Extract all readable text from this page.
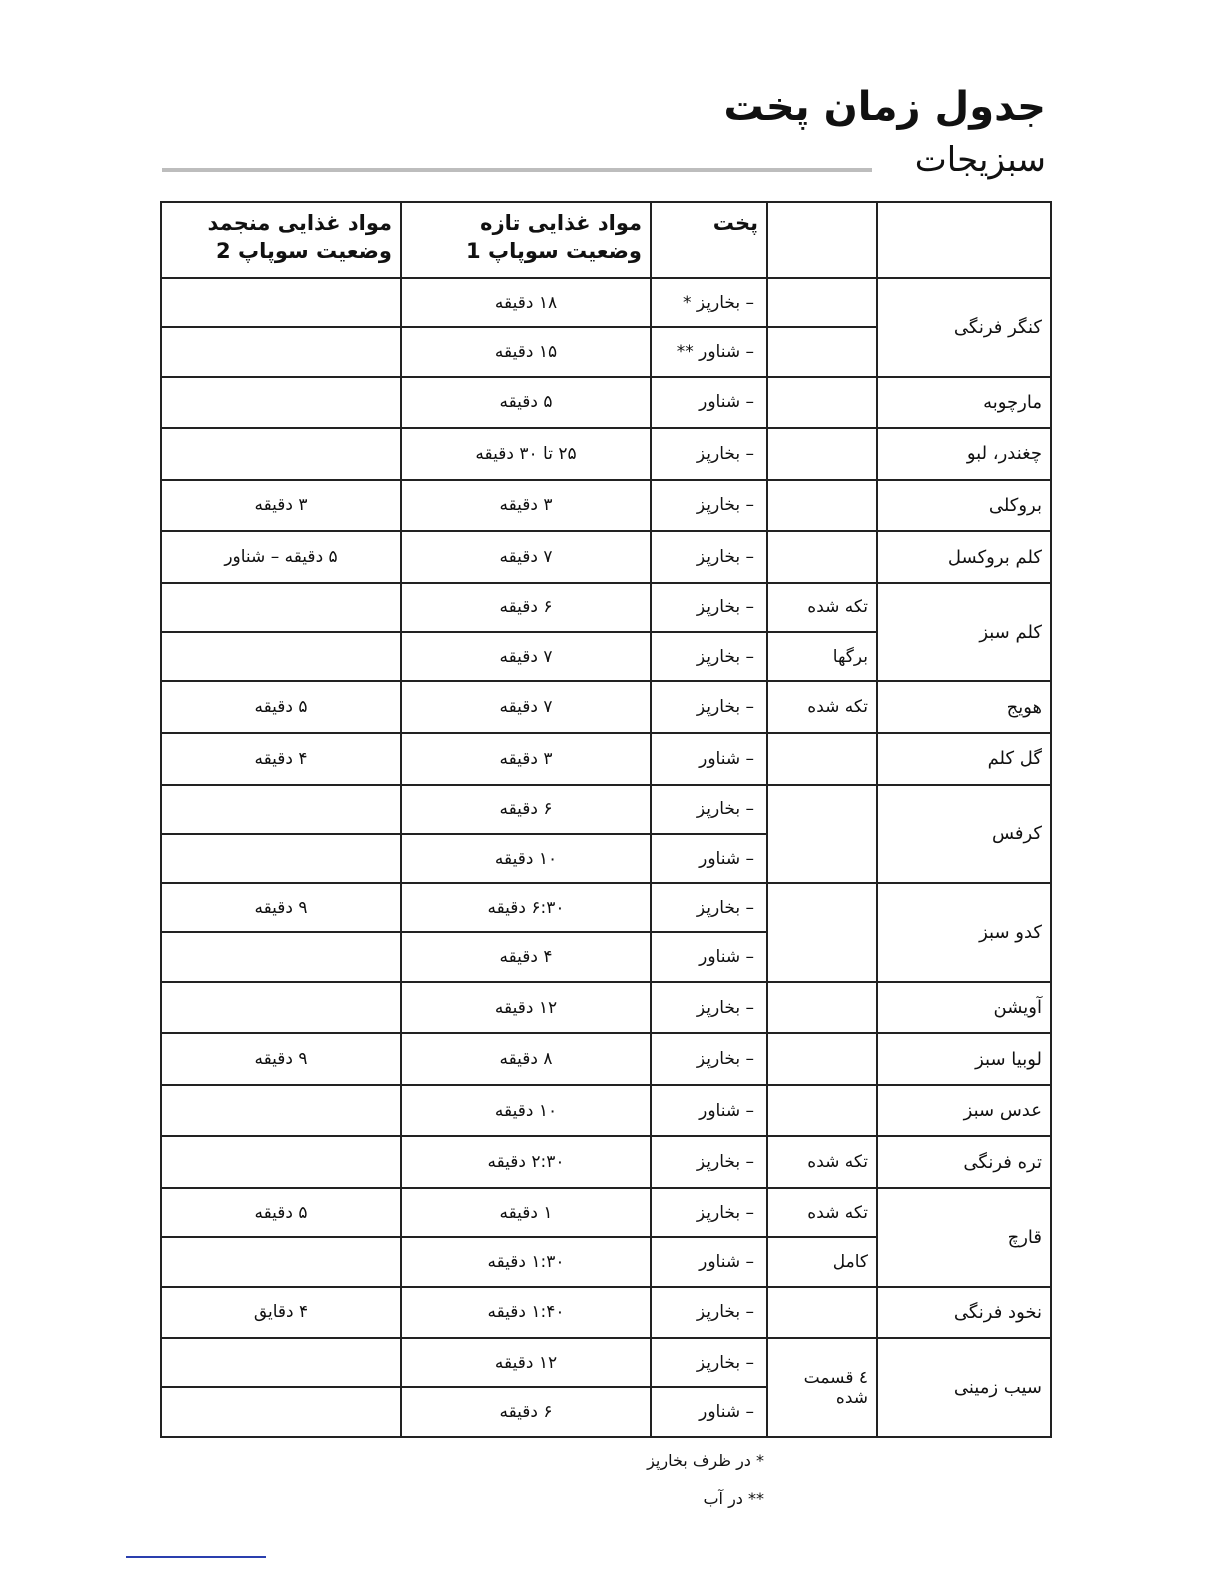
جدول زمان پخت
سبزیجات
		پخت	مواد غذایی تازه وضعیت سوپاپ 1	مواد غذایی منجمد وضعیت سوپاپ 2
کنگر فرنگی		– بخارپز *	۱۸ دقیقه	
		– شناور **	۱۵ دقیقه	
مارچوبه		– شناور	۵ دقیقه	
چغندر، لبو		– بخارپز	۲۵ تا ۳۰ دقیقه	
بروکلی		– بخارپز	۳ دقیقه	۳ دقیقه
کلم بروکسل		– بخارپز	۷ دقیقه	۵ دقیقه – شناور
کلم سبز	تکه شده	– بخارپز	۶ دقیقه	
	برگها	– بخارپز	۷ دقیقه	
هویج	تکه شده	– بخارپز	۷ دقیقه	۵ دقیقه
گل کلم		– شناور	۳ دقیقه	۴ دقیقه
کرفس		– بخارپز	۶ دقیقه	
		– شناور	۱۰ دقیقه	
کدو سبز		– بخارپز	۶:۳۰ دقیقه	۹ دقیقه
		– شناور	۴ دقیقه	
آویشن		– بخارپز	۱۲ دقیقه	
لوبیا سبز		– بخارپز	۸ دقیقه	۹ دقیقه
عدس سبز		– شناور	۱۰ دقیقه	
تره فرنگی	تکه شده	– بخارپز	۲:۳۰ دقیقه	
قارچ	تکه شده	– بخارپز	۱ دقیقه	۵ دقیقه
	کامل	– شناور	۱:۳۰ دقیقه	
نخود فرنگی		– بخارپز	۱:۴۰ دقیقه	۴ دقایق
سیب زمینی	٤ قسمت شده	– بخارپز	۱۲ دقیقه	
		– شناور	۶ دقیقه	
* در ظرف بخارپز
** در آب
